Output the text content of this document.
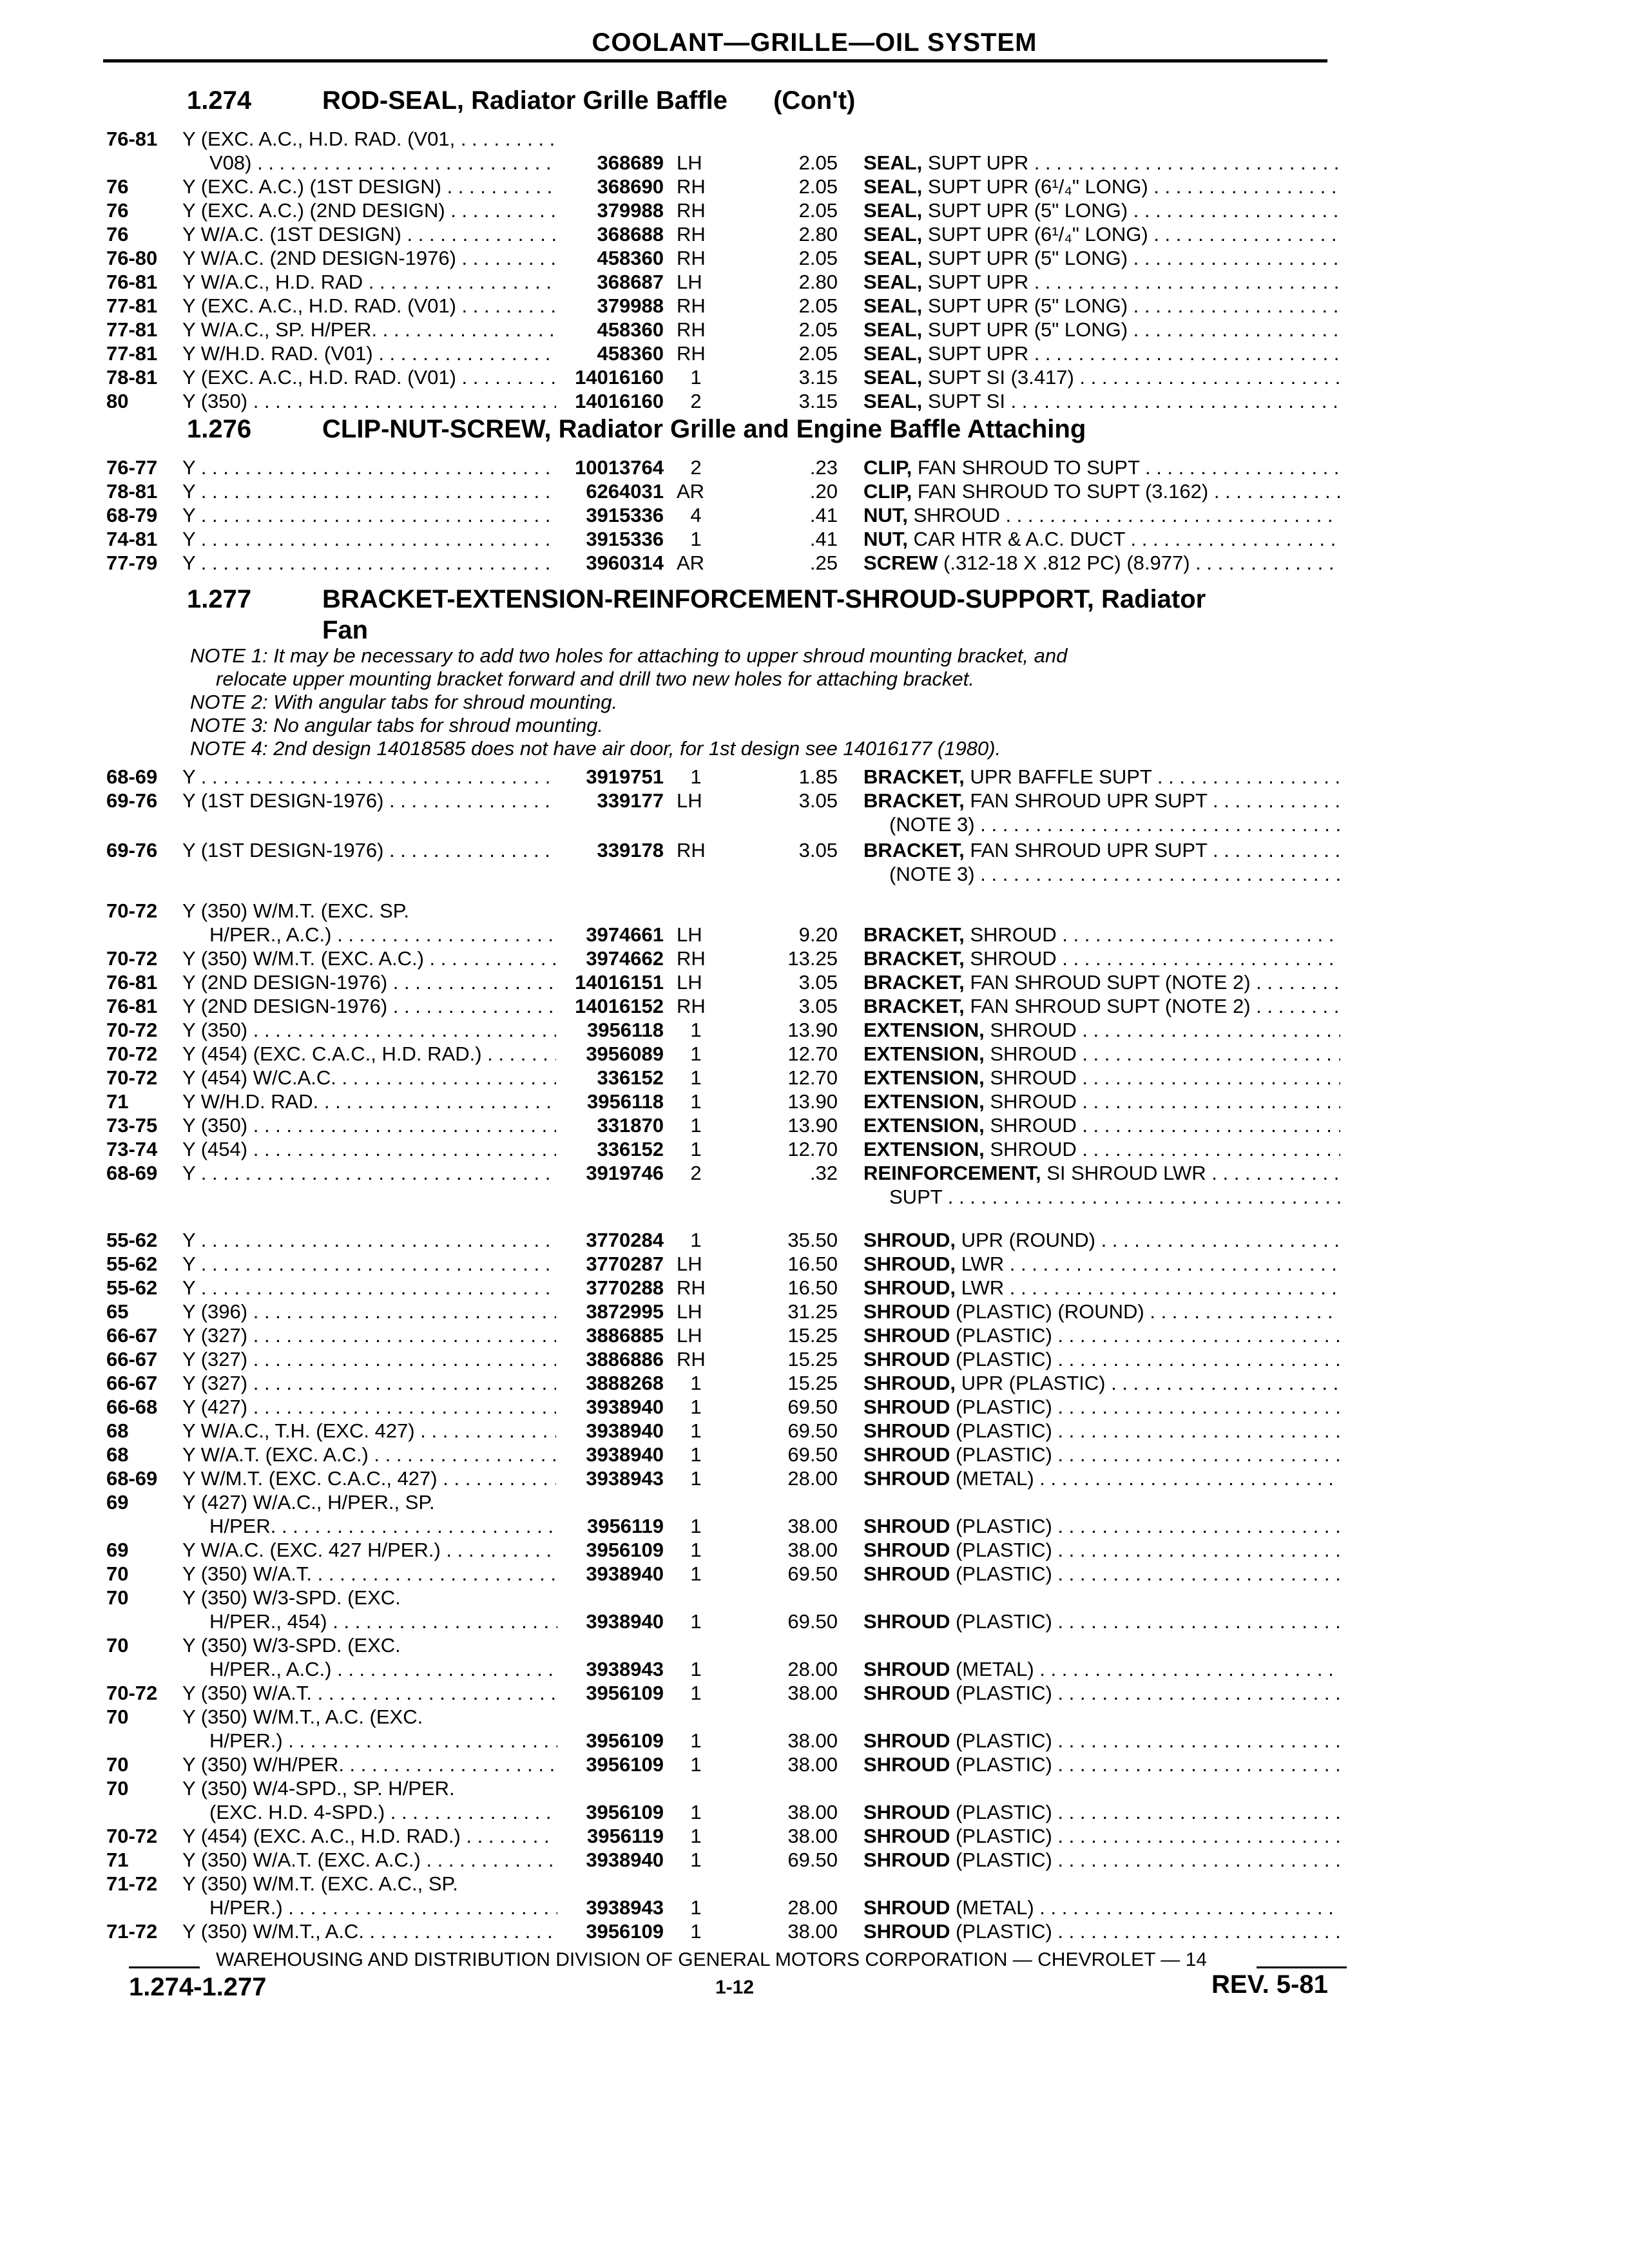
COOLANT—GRILLE—OIL SYSTEM
1.274	ROD-SEAL, Radiator Grille Baffle (Con't)
76-81	Y (EXC. A.C., H.D. RAD. (V01, . . .
V08) . . .	368689 LH	2.05 SEAL, SUPT UPR . . .
76	Y (EXC. A.C.) (1ST DESIGN) . . .	368690 RH	2.05 SEAL, SUPT UPR (6¹/₄" LONG) . . .
76	Y (EXC. A.C.) (2ND DESIGN) . . .	379988 RH	2.05 SEAL, SUPT UPR (5" LONG) . . .
76	Y W/A.C. (1ST DESIGN) . . .	368688 RH	2.80 SEAL, SUPT UPR (6¹/₄" LONG) . . .
76-80	Y W/A.C. (2ND DESIGN-1976) . . .	458360 RH	2.05 SEAL, SUPT UPR (5" LONG) . . .
76-81	Y W/A.C., H.D. RAD . . .	368687 LH	2.80 SEAL, SUPT UPR . . .
77-81	Y (EXC. A.C., H.D. RAD. (V01) . . .	379988 RH	2.05 SEAL, SUPT UPR (5" LONG) . . .
77-81	Y W/A.C., SP. H/PER. . . .	458360 RH	2.05 SEAL, SUPT UPR (5" LONG) . . .
77-81	Y W/H.D. RAD. (V01) . . .	458360 RH	2.05 SEAL, SUPT UPR . . .
78-81	Y (EXC. A.C., H.D. RAD. (V01) . . .	14016160	1	3.15 SEAL, SUPT SI (3.417) . . .
80	Y (350) . . .	14016160	2	3.15 SEAL, SUPT SI . . .
1.276	CLIP-NUT-SCREW, Radiator Grille and Engine Baffle Attaching
76-77	Y . . .	10013764	2	.23 CLIP, FAN SHROUD TO SUPT . . .
78-81	Y . . .	6264031 AR	.20 CLIP, FAN SHROUD TO SUPT (3.162) . . .
68-79	Y . . .	3915336	4	.41 NUT, SHROUD . . .
74-81	Y . . .	3915336	1	.41 NUT, CAR HTR & A.C. DUCT . . .
77-79	Y . . .	3960314 AR	.25 SCREW (.312-18 X .812 PC) (8.977) . . .
1.277	BRACKET-EXTENSION-REINFORCEMENT-SHROUD-SUPPORT, Radiator
Fan
NOTE 1: It may be necessary to add two holes for attaching to upper shroud mounting bracket, and
relocate upper mounting bracket forward and drill two new holes for attaching bracket.
NOTE 2: With angular tabs for shroud mounting.
NOTE 3: No angular tabs for shroud mounting.
NOTE 4: 2nd design 14018585 does not have air door, for 1st design see 14016177 (1980).
68-69	Y . . .	3919751	1	1.85 BRACKET, UPR BAFFLE SUPT . . .
69-76	Y (1ST DESIGN-1976) . . .	339177 LH	3.05 BRACKET, FAN SHROUD UPR SUPT . . .
(NOTE 3) . . .
69-76	Y (1ST DESIGN-1976) . . .	339178 RH	3.05 BRACKET, FAN SHROUD UPR SUPT . . .
(NOTE 3) . . .
70-72	Y (350) W/M.T. (EXC. SP.
H/PER., A.C.) . . .	3974661 LH	9.20 BRACKET, SHROUD . . .
70-72	Y (350) W/M.T. (EXC. A.C.) . . .	3974662 RH	13.25 BRACKET, SHROUD . . .
76-81	Y (2ND DESIGN-1976) . . .	14016151 LH	3.05 BRACKET, FAN SHROUD SUPT (NOTE 2) . . .
76-81	Y (2ND DESIGN-1976) . . .	14016152 RH	3.05 BRACKET, FAN SHROUD SUPT (NOTE 2) . . .
70-72	Y (350) . . .	3956118	1	13.90 EXTENSION, SHROUD . . .
70-72	Y (454) (EXC. C.A.C., H.D. RAD.) . . .	3956089	1	12.70 EXTENSION, SHROUD . . .
70-72	Y (454) W/C.A.C. . . .	336152	1	12.70 EXTENSION, SHROUD . . .
71	Y W/H.D. RAD. . . .	3956118	1	13.90 EXTENSION, SHROUD . . .
73-75	Y (350) . . .	331870	1	13.90 EXTENSION, SHROUD . . .
73-74	Y (454) . . .	336152	1	12.70 EXTENSION, SHROUD . . .
68-69	Y . . .	3919746	2	.32 REINFORCEMENT, SI SHROUD LWR . . .
SUPT . . .
55-62	Y . . .	3770284	1	35.50 SHROUD, UPR (ROUND) . . .
55-62	Y . . .	3770287 LH	16.50 SHROUD, LWR . . .
55-62	Y . . .	3770288 RH	16.50 SHROUD, LWR . . .
65	Y (396) . . .	3872995 LH	31.25 SHROUD (PLASTIC) (ROUND) . . .
66-67	Y (327) . . .	3886885 LH	15.25 SHROUD (PLASTIC) . . .
66-67	Y (327) . . .	3886886 RH	15.25 SHROUD (PLASTIC) . . .
66-67	Y (327) . . .	3888268	1	15.25 SHROUD, UPR (PLASTIC) . . .
66-68	Y (427) . . .	3938940	1	69.50 SHROUD (PLASTIC) . . .
68	Y W/A.C., T.H. (EXC. 427) . . .	3938940	1	69.50 SHROUD (PLASTIC) . . .
68	Y W/A.T. (EXC. A.C.) . . .	3938940	1	69.50 SHROUD (PLASTIC) . . .
68-69	Y W/M.T. (EXC. C.A.C., 427) . . .	3938943	1	28.00 SHROUD (METAL) . . .
69	Y (427) W/A.C., H/PER., SP.
H/PER. . . .	3956119	1	38.00 SHROUD (PLASTIC) . . .
69	Y W/A.C. (EXC. 427 H/PER.) . . .	3956109	1	38.00 SHROUD (PLASTIC) . . .
70	Y (350) W/A.T. . . .	3938940	1	69.50 SHROUD (PLASTIC) . . .
70	Y (350) W/3-SPD. (EXC.
H/PER., 454) . . .	3938940	1	69.50 SHROUD (PLASTIC) . . .
70	Y (350) W/3-SPD. (EXC.
H/PER., A.C.) . . .	3938943	1	28.00 SHROUD (METAL) . . .
70-72	Y (350) W/A.T. . . .	3956109	1	38.00 SHROUD (PLASTIC) . . .
70	Y (350) W/M.T., A.C. (EXC.
H/PER.) . . .	3956109	1	38.00 SHROUD (PLASTIC) . . .
70	Y (350) W/H/PER. . . .	3956109	1	38.00 SHROUD (PLASTIC) . . .
70	Y (350) W/4-SPD., SP. H/PER.
(EXC. H.D. 4-SPD.) . . .	3956109	1	38.00 SHROUD (PLASTIC) . . .
70-72	Y (454) (EXC. A.C., H.D. RAD.) . . .	3956119	1	38.00 SHROUD (PLASTIC) . . .
71	Y (350) W/A.T. (EXC. A.C.) . . .	3938940	1	69.50 SHROUD (PLASTIC) . . .
71-72	Y (350) W/M.T. (EXC. A.C., SP.
H/PER.) . . .	3938943	1	28.00 SHROUD (METAL) . . .
71-72	Y (350) W/M.T., A.C. . . .	3956109	1	38.00 SHROUD (PLASTIC) . . .
WAREHOUSING AND DISTRIBUTION DIVISION OF GENERAL MOTORS CORPORATION — CHEVROLET — 14
1.274-1.277	1-12	REV. 5-81
